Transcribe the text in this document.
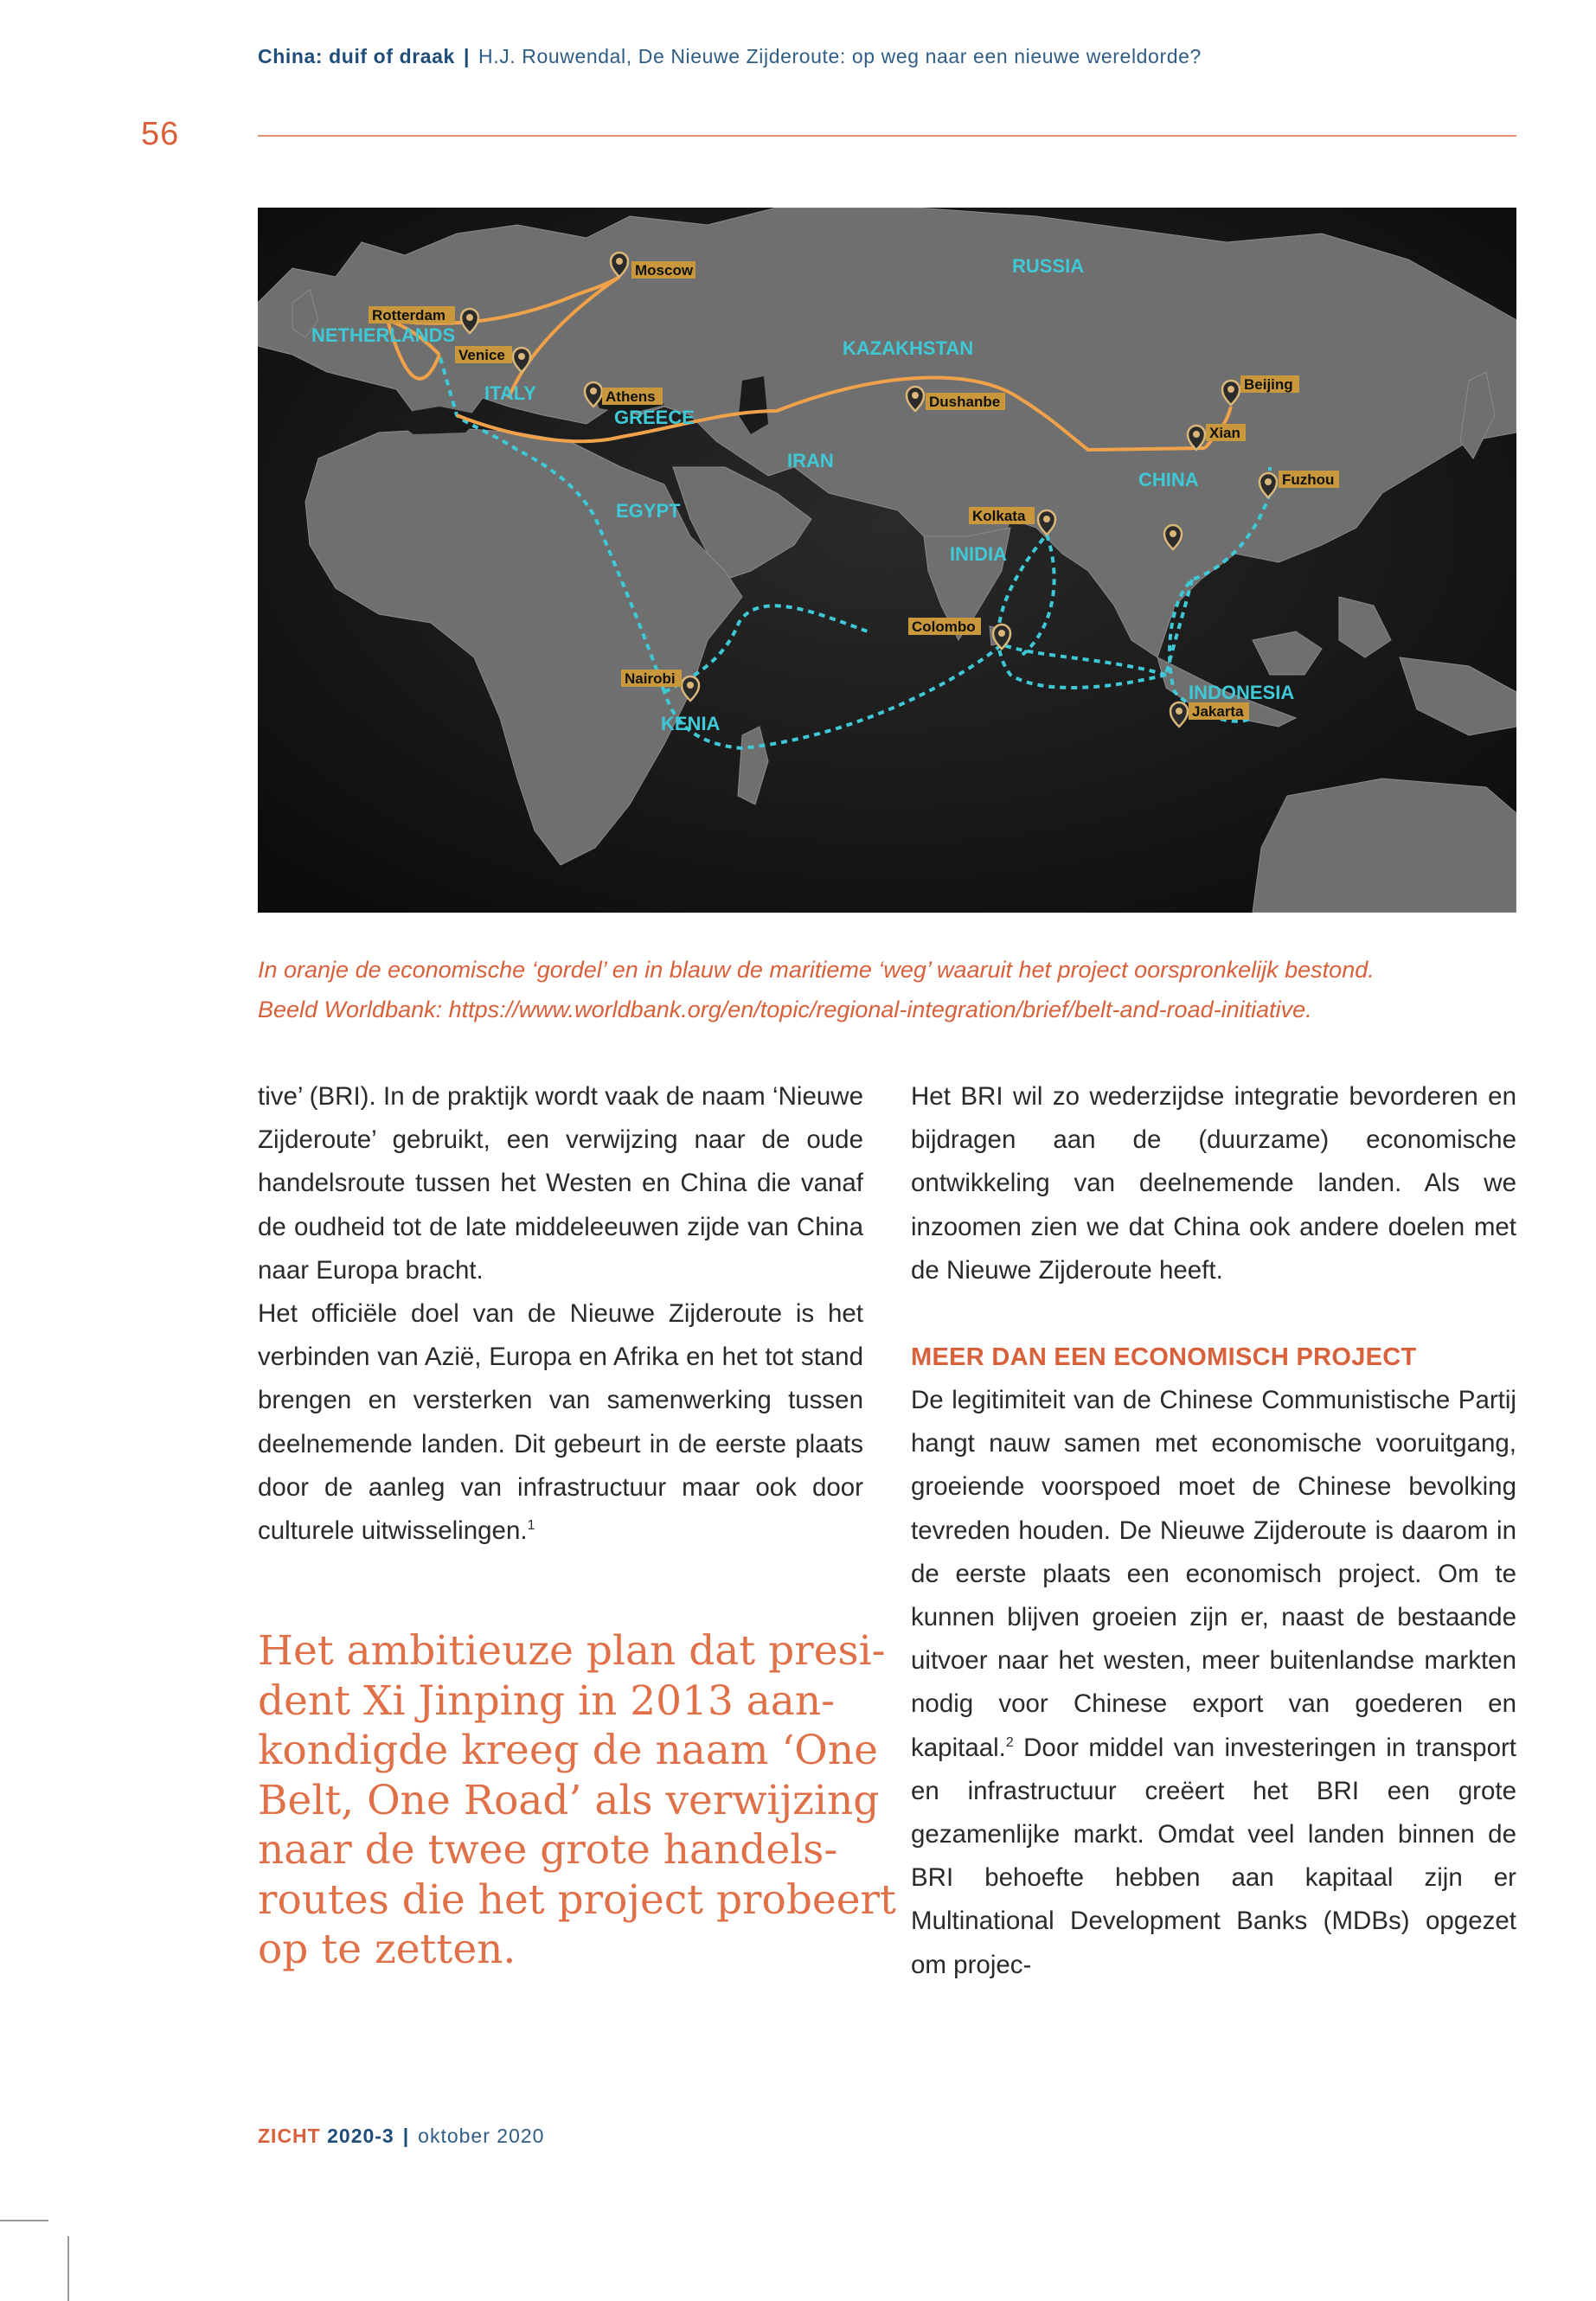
China: duif of draak | H.J. Rouwendal, De Nieuwe Zijderoute: op weg naar een nieuwe wereldorde?
56
Moscow
Rotterdam
Venice
Athens	Dushanbe
Beijing
Xian
Fuzhou
Kolkata
Colombo
Nairobi
Jakarta
RUSSIA
NETHERLANDS
KAZAKHSTAN
ITALY
GREECE
IRAN
CHINA
EGYPT
INIDIA
INDONESIA
KENIA
In oranje de economische ‘gordel’ en in blauw de maritieme ‘weg’ waaruit het project oorspronkelijk bestond.
Beeld Worldbank: https://www.worldbank.org/en/topic/regional-integration/brief/belt-and-road-initiative.

tive’ (BRI). In de praktijk wordt vaak de naam ‘Nieuwe Zijderoute’ gebruikt, een verwijzing naar de oude handelsroute tussen het Westen en China die vanaf de oudheid tot de late middeleeuwen zijde van China naar Europa bracht.

Het officiële doel van de Nieuwe Zijderoute is het verbinden van Azië, Europa en Afrika en het tot stand brengen en versterken van samenwerking tussen deelnemende landen. Dit gebeurt in de eerste plaats door de aanleg van infrastructuur maar ook door culturele uitwisselingen.$^1$

Het ambitieuze plan dat presi-
dent Xi Jinping in 2013 aan-
kondigde kreeg de naam ‘One
Belt, One Road’ als verwijzing
naar de twee grote handels-
routes die het project probeert
op te zetten.

Het BRI wil zo wederzijdse integratie bevorderen en bijdragen aan de (duurzame) economische ontwikkeling van deelnemende landen. Als we inzoomen zien we dat China ook andere doelen met de Nieuwe Zijderoute heeft.

MEER DAN EEN ECONOMISCH PROJECT

De legitimiteit van de Chinese Communistische Partij hangt nauw samen met economische vooruitgang, groeiende voorspoed moet de Chinese bevolking tevreden houden. De Nieuwe Zijderoute is daarom in de eerste plaats een economisch project. Om te kunnen blijven groeien zijn er, naast de bestaande uitvoer naar het westen, meer buitenlandse markten nodig voor Chinese export van goederen en kapitaal.$^2$ Door middel van investeringen in transport en infrastructuur creëert het BRI een grote gezamenlijke markt. Omdat veel landen binnen de BRI behoefte hebben aan kapitaal zijn er Multinational Development Banks (MDBs) opgezet om projec-

ZICHT 2020-3 | oktober 2020
